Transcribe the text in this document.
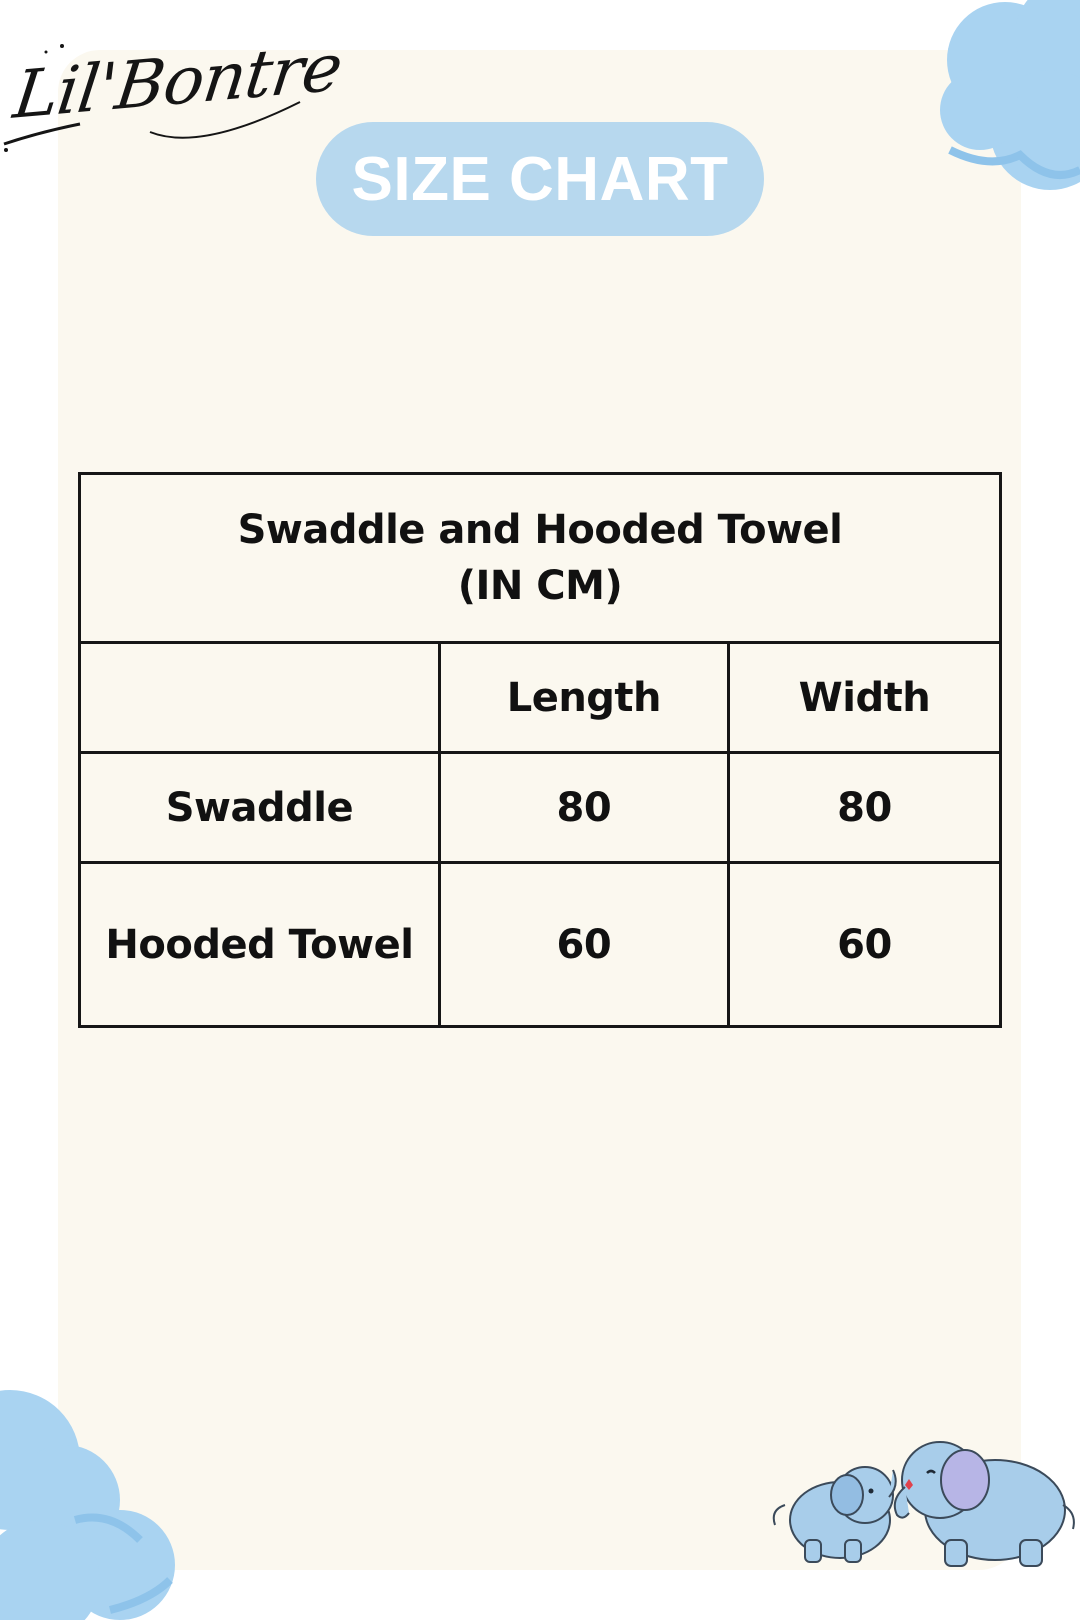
Lil'Bontre
SIZE CHART
Swaddle and Hooded Towel
(IN CM)		

	Length	Width
Swaddle	80	80
Hooded Towel	60	60
